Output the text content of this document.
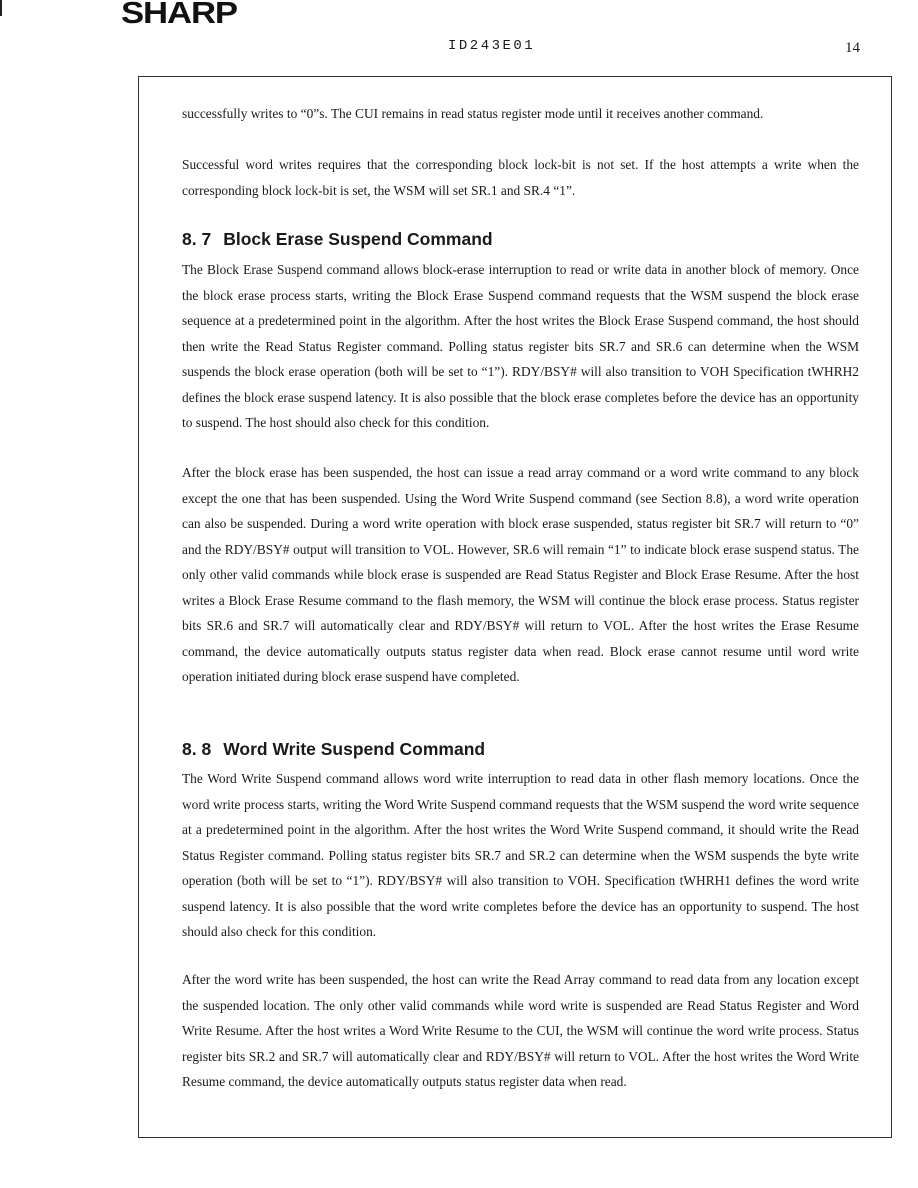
SHARP
ID243E01	14

successfully writes to “0”s. The CUI remains in read status register mode until it receives another command.

Successful word writes requires that the corresponding block lock-bit is not set. If the host attempts a write when the corresponding block lock-bit is set, the WSM will set SR.1 and SR.4 “1”.

8. 7 Block Erase Suspend Command

The Block Erase Suspend command allows block-erase interruption to read or write data in another block of memory. Once the block erase process starts, writing the Block Erase Suspend command requests that the WSM suspend the block erase sequence at a predetermined point in the algorithm. After the host writes the Block Erase Suspend command, the host should then write the Read Status Register command. Polling status register bits SR.7 and SR.6 can determine when the WSM suspends the block erase operation (both will be set to “1”). RDY/BSY# will also transition to VOH Specification tWHRH2 defines the block erase suspend latency. It is also possible that the block erase completes before the device has an opportunity to suspend. The host should also check for this condition.

After the block erase has been suspended, the host can issue a read array command or a word write command to any block except the one that has been suspended. Using the Word Write Suspend command (see Section 8.8), a word write operation can also be suspended. During a word write operation with block erase suspended, status register bit SR.7 will return to “0” and the RDY/BSY# output will transition to VOL. However, SR.6 will remain “1” to indicate block erase suspend status. The only other valid commands while block erase is suspended are Read Status Register and Block Erase Resume. After the host writes a Block Erase Resume command to the flash memory, the WSM will continue the block erase process. Status register bits SR.6 and SR.7 will automatically clear and RDY/BSY# will return to VOL. After the host writes the Erase Resume command, the device automatically outputs status register data when read. Block erase cannot resume until word write operation initiated during block erase suspend have completed.

8. 8 Word Write Suspend Command

The Word Write Suspend command allows word write interruption to read data in other flash memory locations. Once the word write process starts, writing the Word Write Suspend command requests that the WSM suspend the word write sequence at a predetermined point in the algorithm. After the host writes the Word Write Suspend command, it should write the Read Status Register command. Polling status register bits SR.7 and SR.2 can determine when the WSM suspends the byte write operation (both will be set to “1”). RDY/BSY# will also transition to VOH. Specification tWHRH1 defines the word write suspend latency. It is also possible that the word write completes before the device has an opportunity to suspend. The host should also check for this condition.

After the word write has been suspended, the host can write the Read Array command to read data from any location except the suspended location. The only other valid commands while word write is suspended are Read Status Register and Word Write Resume. After the host writes a Word Write Resume to the CUI, the WSM will continue the word write process. Status register bits SR.2 and SR.7 will automatically clear and RDY/BSY# will return to VOL. After the host writes the Word Write Resume command, the device automatically outputs status register data when read.
